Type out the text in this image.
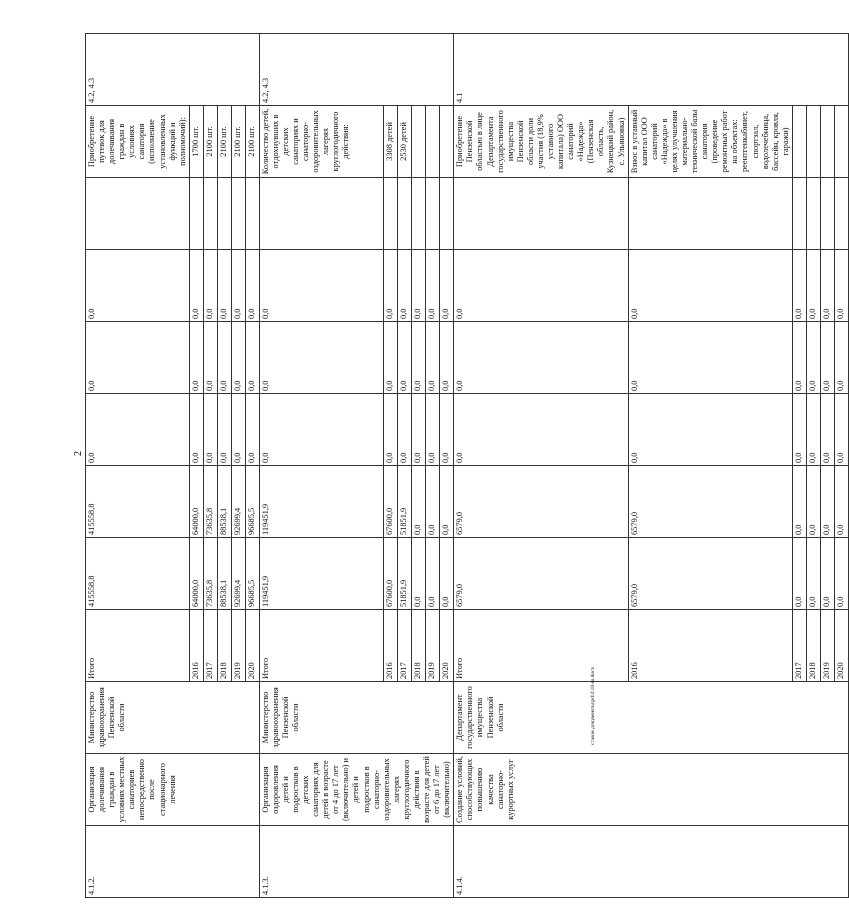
2
4.1.2.	Организация долечивания граждан в условиях местных санаториев непосредственно после стационарного лечения	Министерство здравоохранения Пензенской области	Итого	415558,8	415558,8	0,0	0,0	0,0		Приобретение путевок для долечивания граждан в условиях санатория (исполнение установленных функций и полномочий):	4.2, 4.3
			2016	64000,0	64000,0	0,0	0,0	0,0		1700 шт.	
			2017	73635,8	73635,8	0,0	0,0	0,0		2100 шт.	
			2018	88538,1	88538,1	0,0	0,0	0,0		2100 шт.	
			2019	92699,4	92699,4	0,0	0,0	0,0		2100 шт.	
			2020	96685,5	96685,5	0,0	0,0	0,0		2100 шт.	
4.1.3.	Организация оздоровления детей и подростков в детских санаториях для детей в возрасте от 4 до 17 лет (включительно) и детей и подростков в санаторно-оздоровительных лагерях круглогодичного действия в возрасте для детей от 6 до 17 лет (включительно)	Министерство здравоохранения Пензенской области	Итого	119451,9	119451,9	0,0	0,0	0,0		Количество детей, отдохнувших в детских санаториях и санаторно-оздоровительных лагерях круглогодичного действия:	4.2, 4.3
			2016	67600,0	67600,0	0,0	0,0	0,0		3308 детей	
			2017	51851,9	51851,9	0,0	0,0	0,0		2530 детей	
			2018	0,0	0,0	0,0	0,0	0,0			
			2019	0,0	0,0	0,0	0,0	0,0			
			2020	0,0	0,0	0,0	0,0	0,0			
4.1.4.	Создание условий, способствующих повышению качества санаторно-курортных услуг	Департамент государственного имущества Пензенской области	Итого	6579,0	6579,0	0,0	0,0	0,0		Приобретение Пензенской областью в лице Департамента государственного имущества Пензенской области доли участия (18,9% уставного капитала) ООО санаторий «Надежда» (Пензенская область, Кузнецкий район, с. Ульяновка)	4.1
			2016	6579,0	6579,0	0,0	0,0	0,0		Взнос в уставный капитал ООО санаторий «Надежда» в целях улучшения материально-технической базы санатория (проведение ремонтных работ на объектах: реентгенкабинет, спортзал, водолечебница, бассейн, кровля, гаражи)	
			2017	0,0	0,0	0,0	0,0	0,0			
			2018	0,0	0,0	0,0	0,0	0,0			
			2019	0,0	0,0	0,0	0,0	0,0			
			2020	0,0	0,0	0,0	0,0	0,0			
c:\мои документы\pd\4\10-ш.docx
